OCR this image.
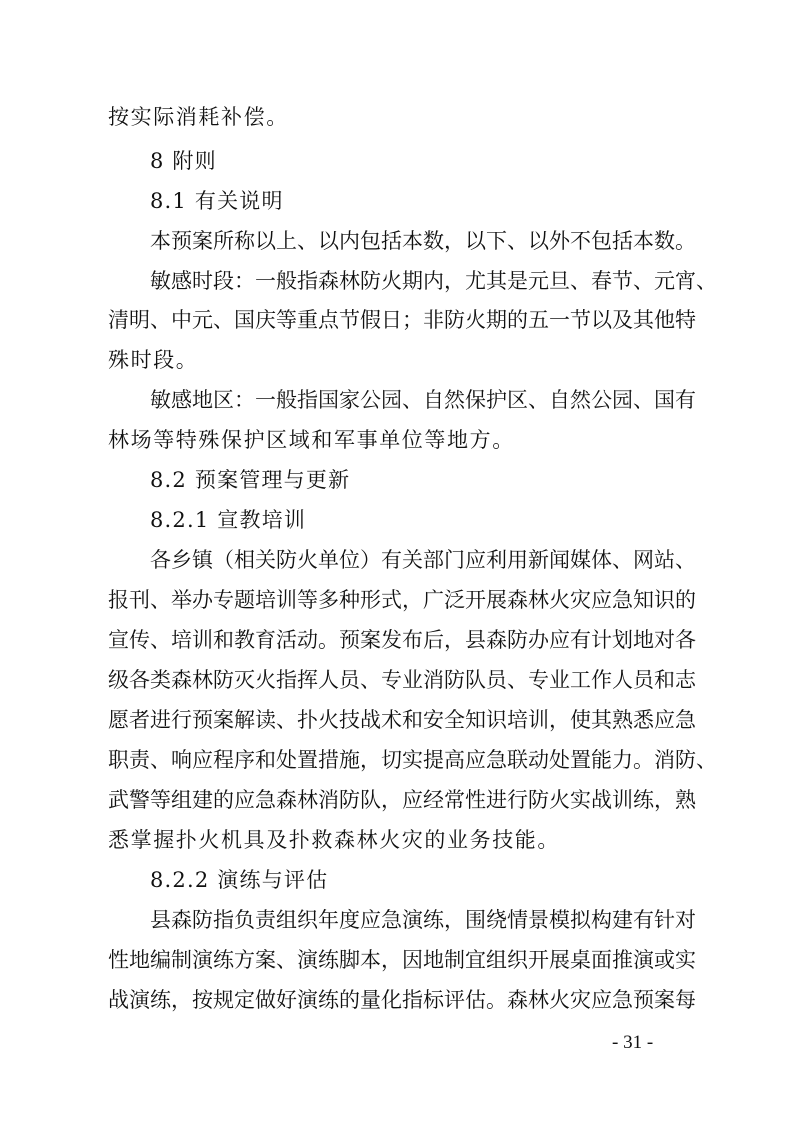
按实际消耗补偿。
8 附则
8.1 有关说明
本预案所称以上、以内包括本数，以下、以外不包括本数。
敏感时段：一般指森林防火期内，尤其是元旦、春节、元宵、
清明、中元、国庆等重点节假日；非防火期的五一节以及其他特
殊时段。
敏感地区：一般指国家公园、自然保护区、自然公园、国有
林场等特殊保护区域和军事单位等地方。
8.2 预案管理与更新
8.2.1 宣教培训
各乡镇（相关防火单位）有关部门应利用新闻媒体、网站、
报刊、举办专题培训等多种形式，广泛开展森林火灾应急知识的
宣传、培训和教育活动。预案发布后，县森防办应有计划地对各
级各类森林防灭火指挥人员、专业消防队员、专业工作人员和志
愿者进行预案解读、扑火技战术和安全知识培训，使其熟悉应急
职责、响应程序和处置措施，切实提高应急联动处置能力。消防、
武警等组建的应急森林消防队，应经常性进行防火实战训练，熟
悉掌握扑火机具及扑救森林火灾的业务技能。
8.2.2 演练与评估
县森防指负责组织年度应急演练，围绕情景模拟构建有针对
性地编制演练方案、演练脚本，因地制宜组织开展桌面推演或实
战演练，按规定做好演练的量化指标评估。森林火灾应急预案每
- 31 -
